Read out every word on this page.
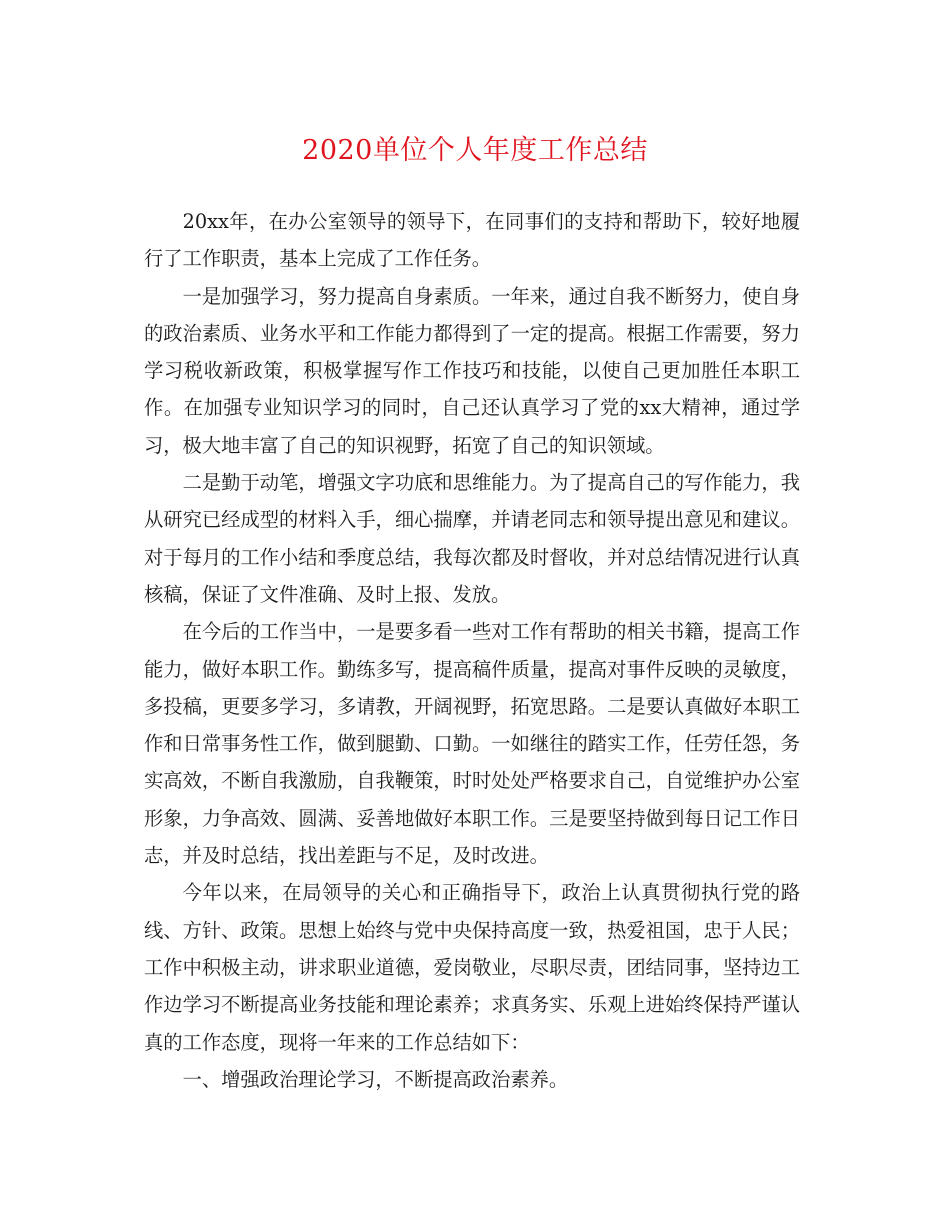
2020单位个人年度工作总结

20xx年，在办公室领导的领导下，在同事们的支持和帮助下，较好地履行了工作职责，基本上完成了工作任务。

一是加强学习，努力提高自身素质。一年来，通过自我不断努力，使自身的政治素质、业务水平和工作能力都得到了一定的提高。根据工作需要，努力学习税收新政策，积极掌握写作工作技巧和技能，以使自己更加胜任本职工作。在加强专业知识学习的同时，自己还认真学习了党的xx大精神，通过学习，极大地丰富了自己的知识视野，拓宽了自己的知识领域。

二是勤于动笔，增强文字功底和思维能力。为了提高自己的写作能力，我从研究已经成型的材料入手，细心揣摩，并请老同志和领导提出意见和建议。对于每月的工作小结和季度总结，我每次都及时督收，并对总结情况进行认真核稿，保证了文件准确、及时上报、发放。

在今后的工作当中，一是要多看一些对工作有帮助的相关书籍，提高工作能力，做好本职工作。勤练多写，提高稿件质量，提高对事件反映的灵敏度，多投稿，更要多学习，多请教，开阔视野，拓宽思路。二是要认真做好本职工作和日常事务性工作，做到腿勤、口勤。一如继往的踏实工作，任劳任怨，务实高效，不断自我激励，自我鞭策，时时处处严格要求自己，自觉维护办公室形象，力争高效、圆满、妥善地做好本职工作。三是要坚持做到每日记工作日志，并及时总结，找出差距与不足，及时改进。

今年以来，在局领导的关心和正确指导下，政治上认真贯彻执行党的路线、方针、政策。思想上始终与党中央保持高度一致，热爱祖国，忠于人民；工作中积极主动，讲求职业道德，爱岗敬业，尽职尽责，团结同事，坚持边工作边学习不断提高业务技能和理论素养；求真务实、乐观上进始终保持严谨认真的工作态度，现将一年来的工作总结如下：

一、增强政治理论学习，不断提高政治素养。
